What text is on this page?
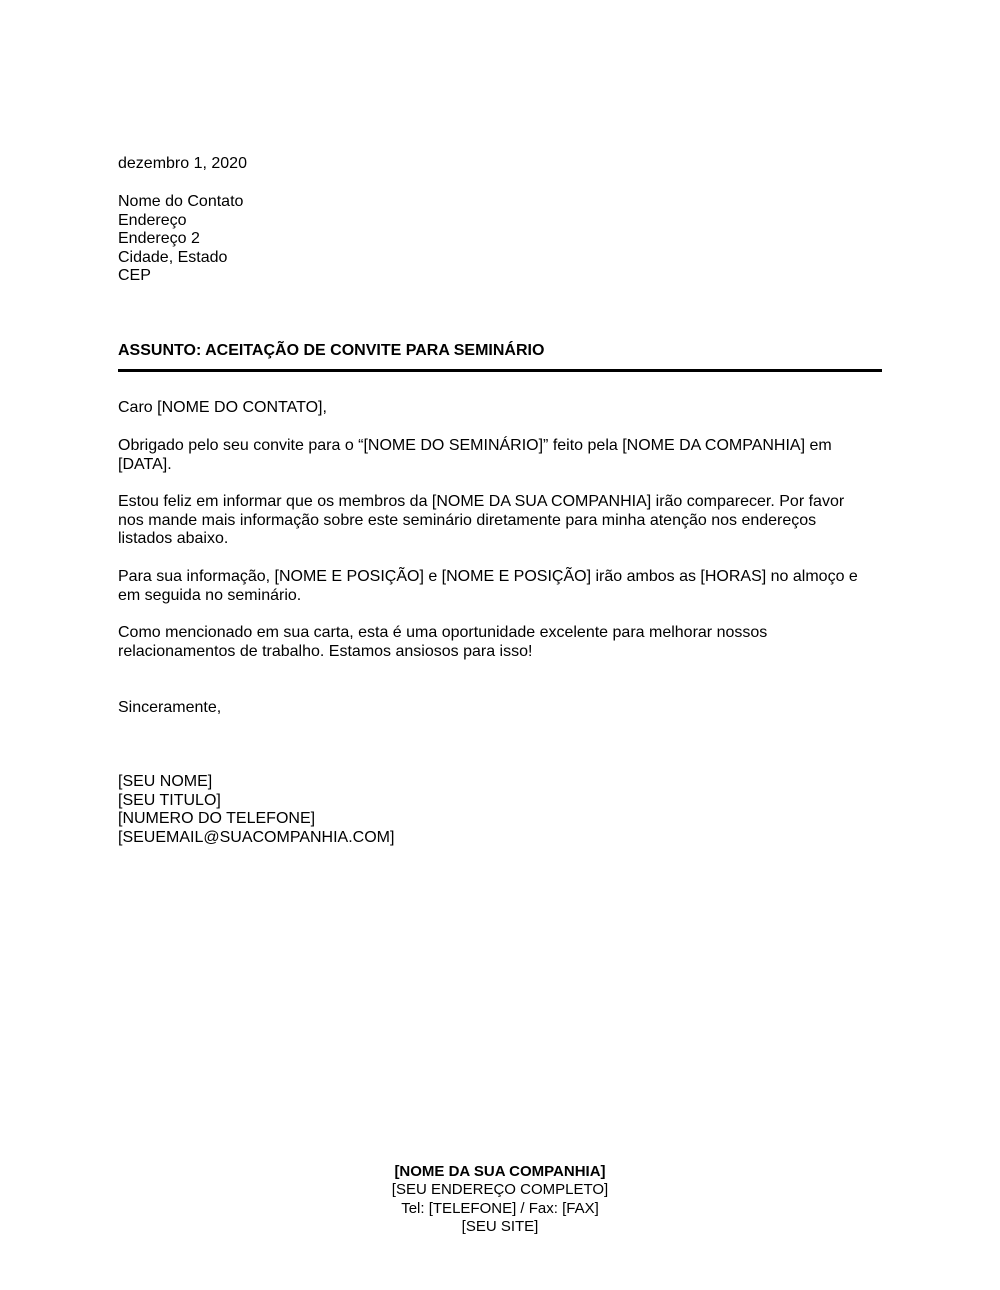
dezembro 1, 2020
Nome do Contato
Endereço
Endereço 2
Cidade, Estado
CEP
ASSUNTO: ACEITAÇÃO DE CONVITE PARA SEMINÁRIO
Caro [NOME DO CONTATO],
Obrigado pelo seu convite para o “[NOME DO SEMINÁRIO]” feito pela [NOME DA COMPANHIA] em
[DATA].
Estou feliz em informar que os membros da [NOME DA SUA COMPANHIA] irão comparecer. Por favor
nos mande mais informação sobre este seminário diretamente para minha atenção nos endereços
listados abaixo.
Para sua informação, [NOME E POSIÇÃO] e [NOME E POSIÇÃO] irão ambos as [HORAS] no almoço e
em seguida no seminário.
Como mencionado em sua carta, esta é uma oportunidade excelente para melhorar nossos
relacionamentos de trabalho. Estamos ansiosos para isso!
Sinceramente,
[SEU NOME]
[SEU TITULO]
[NUMERO DO TELEFONE]
[SEUEMAIL@SUACOMPANHIA.COM]
[NOME DA SUA COMPANHIA]
[SEU ENDEREÇO COMPLETO]
Tel: [TELEFONE] / Fax: [FAX]
[SEU SITE]
